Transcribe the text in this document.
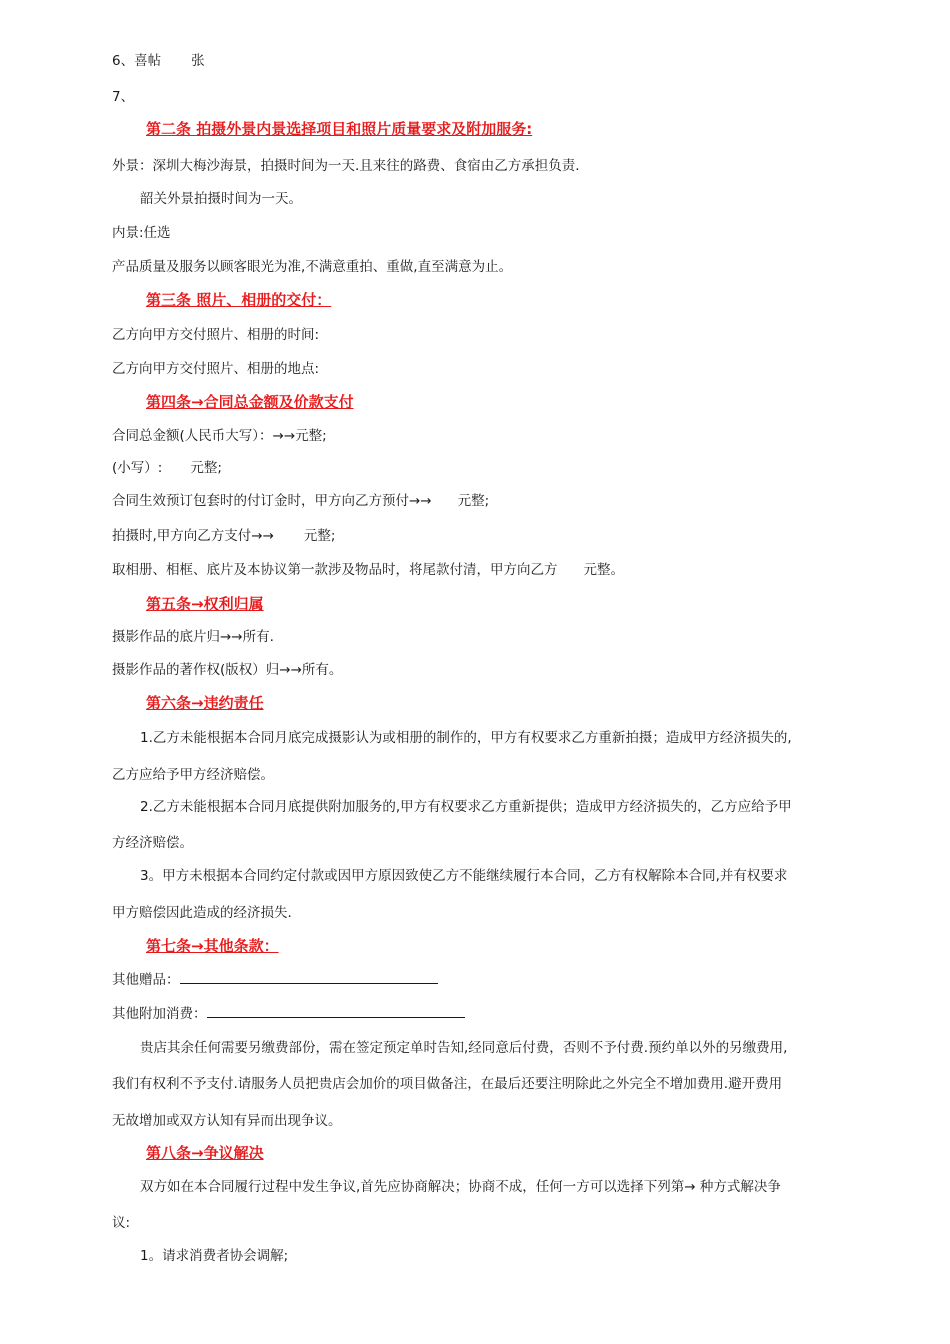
6、喜帖 张
7、
第二条 拍摄外景内景选择项目和照片质量要求及附加服务:
外景：深圳大梅沙海景，拍摄时间为一天.且来往的路费、食宿由乙方承担负责.
韶关外景拍摄时间为一天。
内景:任选
产品质量及服务以顾客眼光为准,不满意重拍、重做,直至满意为止。
第三条 照片、相册的交付：
乙方向甲方交付照片、相册的时间:
乙方向甲方交付照片、相册的地点:
第四条→合同总金额及价款支付
合同总金额(人民币大写）：→→元整;
(小写）: 元整;
合同生效预订包套时的付订金时，甲方向乙方预付→→ 元整;
拍摄时,甲方向乙方支付→→ 元整;
取相册、相框、底片及本协议第一款涉及物品时，将尾款付清，甲方向乙方 元整。
第五条→权利归属
摄影作品的底片归→→所有.
摄影作品的著作权(版权）归→→所有。
第六条→违约责任
1.乙方未能根据本合同月底完成摄影认为或相册的制作的，甲方有权要求乙方重新拍摄；造成甲方经济损失的,
乙方应给予甲方经济赔偿。
2.乙方未能根据本合同月底提供附加服务的,甲方有权要求乙方重新提供；造成甲方经济损失的，乙方应给予甲
方经济赔偿。
3。甲方未根据本合同约定付款或因甲方原因致使乙方不能继续履行本合同，乙方有权解除本合同,并有权要求
甲方赔偿因此造成的经济损失.
第七条→其他条款：
其他赠品：
其他附加消费：
贵店其余任何需要另缴费部份，需在签定预定单时告知,经同意后付费，否则不予付费.预约单以外的另缴费用,
我们有权利不予支付.请服务人员把贵店会加价的项目做备注，在最后还要注明除此之外完全不增加费用.避开费用
无故增加或双方认知有异而出现争议。
第八条→争议解决
双方如在本合同履行过程中发生争议,首先应协商解决；协商不成，任何一方可以选择下列第→ 种方式解决争
议:
1。请求消费者协会调解;
